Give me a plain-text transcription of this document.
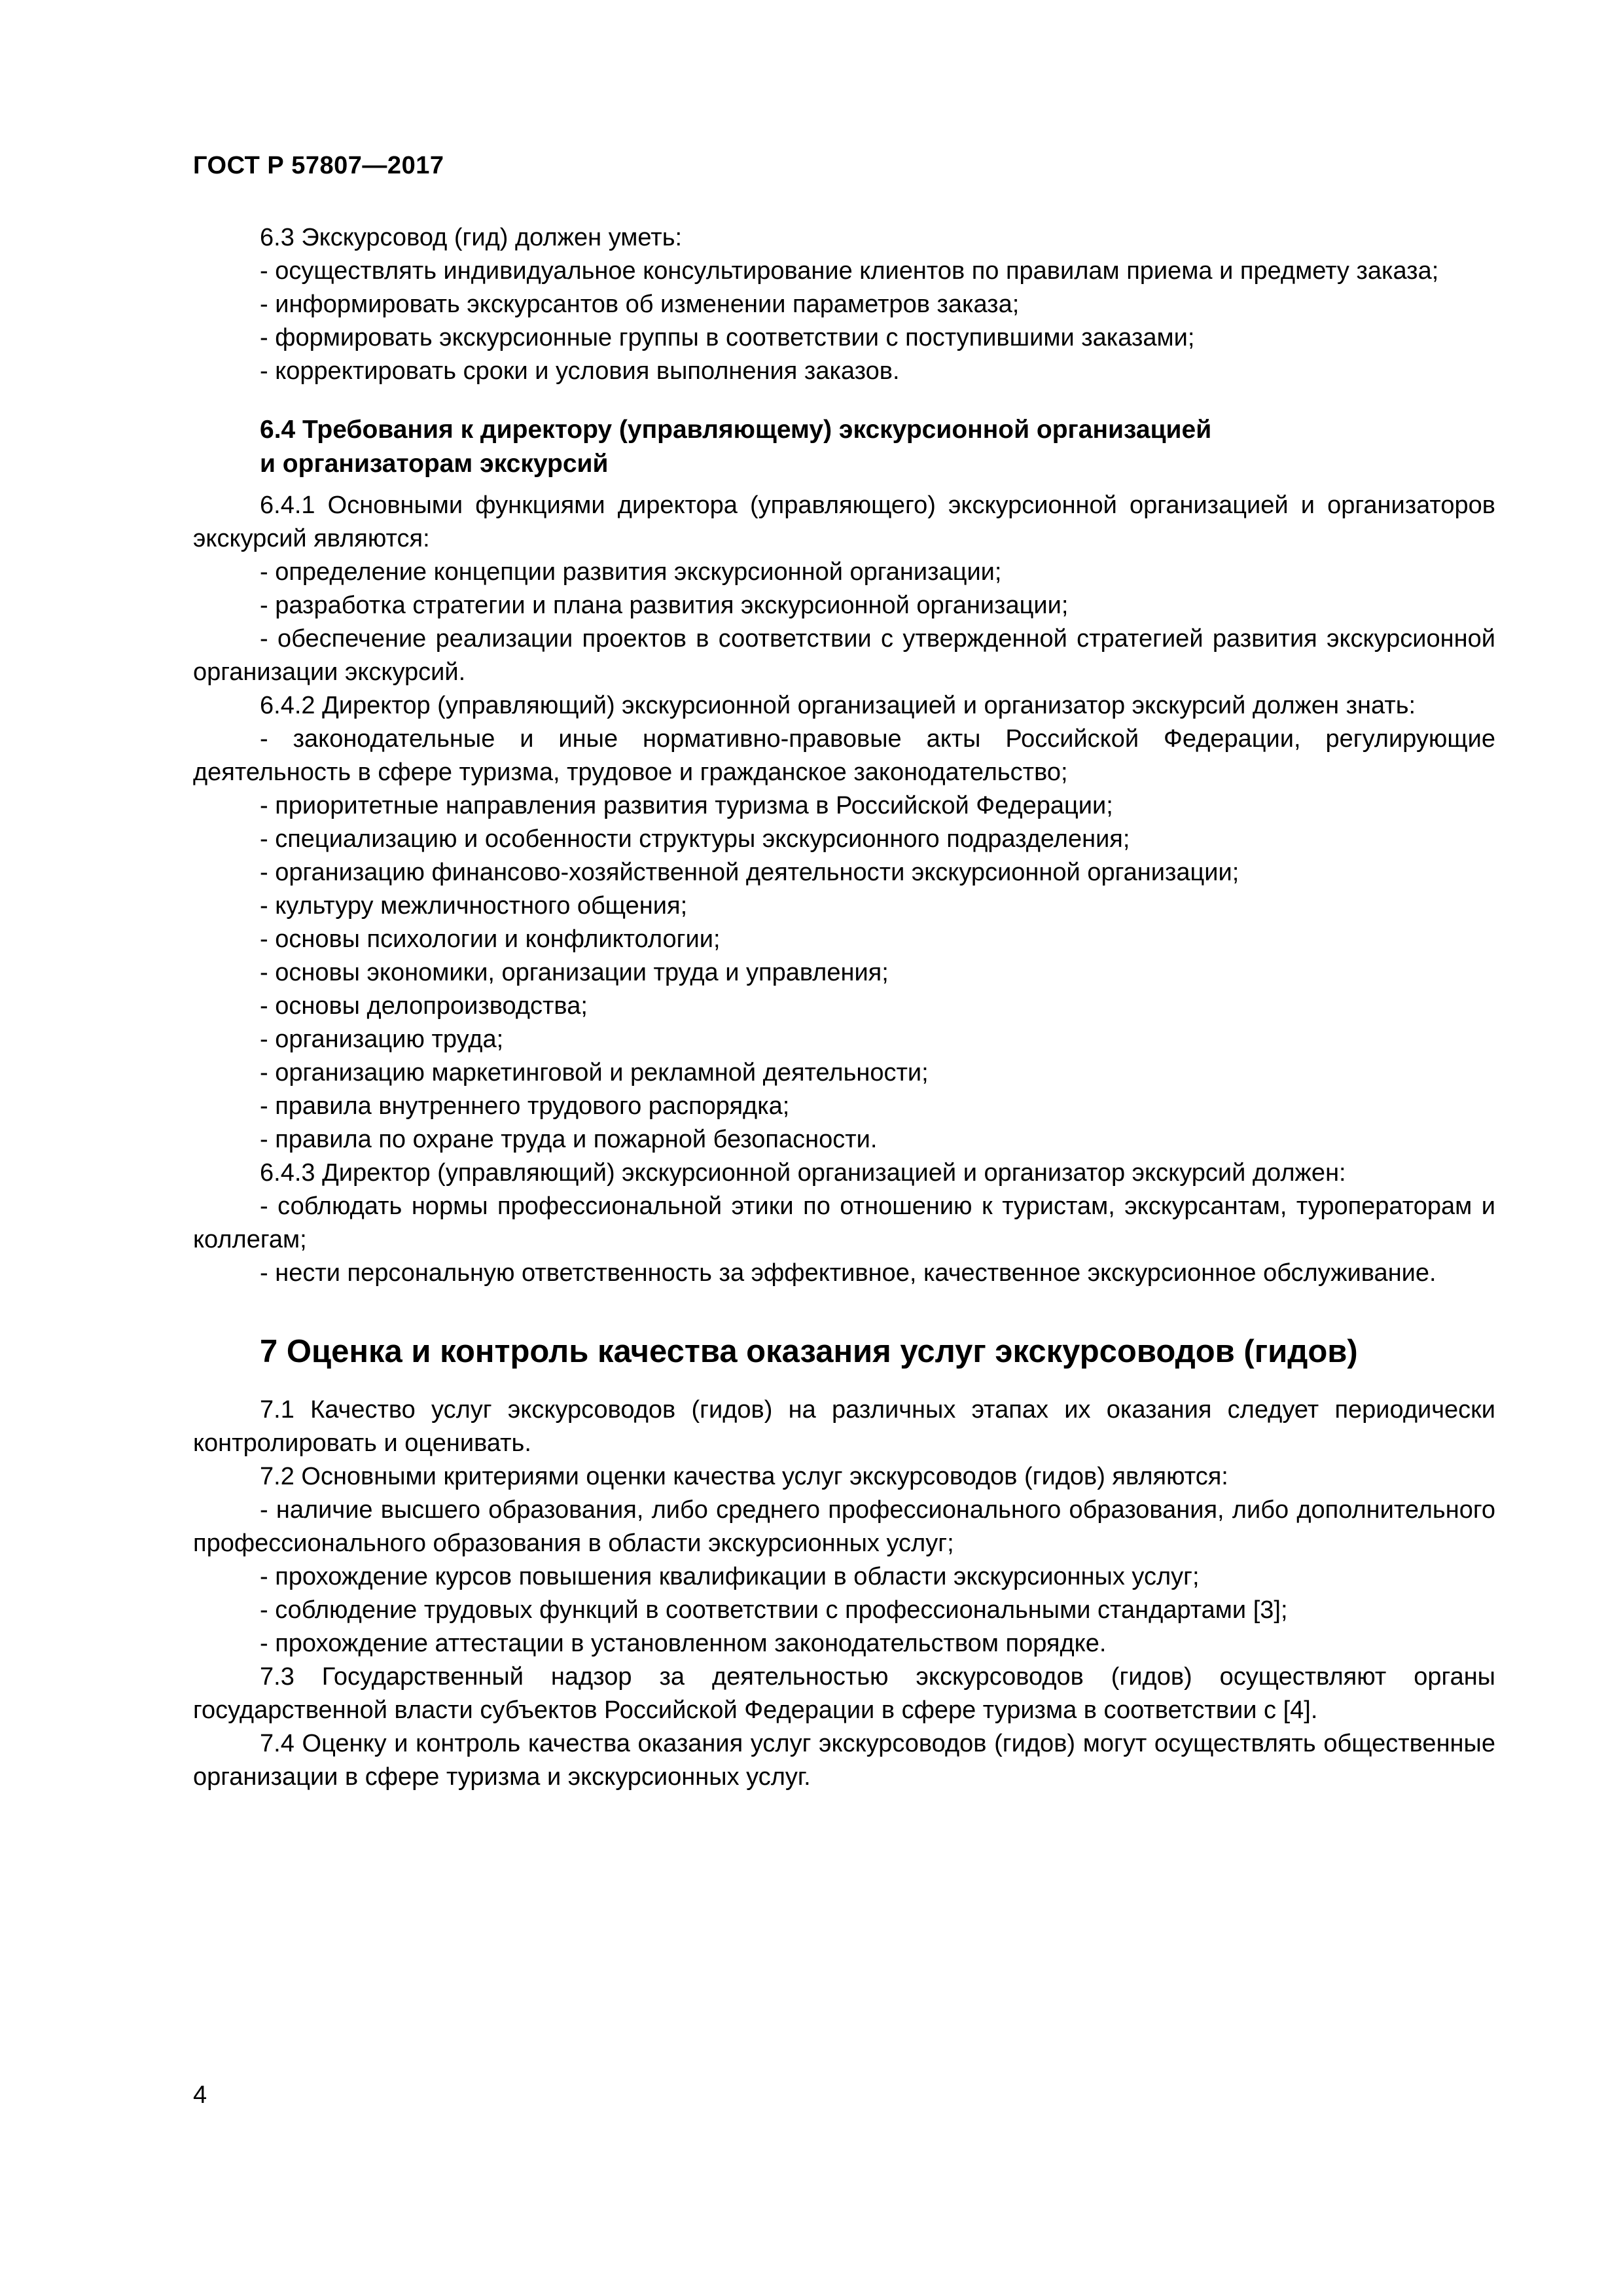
ГОСТ Р 57807—2017

6.3 Экскурсовод (гид) должен уметь:

- осуществлять индивидуальное консультирование клиентов по правилам приема и предмету заказа;

- информировать экскурсантов об изменении параметров заказа;

- формировать экскурсионные группы в соответствии с поступившими заказами;

- корректировать сроки и условия выполнения заказов.

6.4 Требования к директору (управляющему) экскурсионной организацией
и организаторам экскурсий

6.4.1 Основными функциями директора (управляющего) экскурсионной организацией и организаторов экскурсий являются:

- определение концепции развития экскурсионной организации;

- разработка стратегии и плана развития экскурсионной организации;

- обеспечение реализации проектов в соответствии с утвержденной стратегией развития экскурсионной организации экскурсий.

6.4.2 Директор (управляющий) экскурсионной организацией и организатор экскурсий должен знать:

- законодательные и иные нормативно-правовые акты Российской Федерации, регулирующие деятельность в сфере туризма, трудовое и гражданское законодательство;

- приоритетные направления развития туризма в Российской Федерации;

- специализацию и особенности структуры экскурсионного подразделения;

- организацию финансово-хозяйственной деятельности экскурсионной организации;

- культуру межличностного общения;

- основы психологии и конфликтологии;

- основы экономики, организации труда и управления;

- основы делопроизводства;

- организацию труда;

- организацию маркетинговой и рекламной деятельности;

- правила внутреннего трудового распорядка;

- правила по охране труда и пожарной безопасности.

6.4.3 Директор (управляющий) экскурсионной организацией и организатор экскурсий должен:

- соблюдать нормы профессиональной этики по отношению к туристам, экскурсантам, туроператорам и коллегам;

- нести персональную ответственность за эффективное, качественное экскурсионное обслуживание.

7 Оценка и контроль качества оказания услуг экскурсоводов (гидов)

7.1 Качество услуг экскурсоводов (гидов) на различных этапах их оказания следует периодически контролировать и оценивать.

7.2 Основными критериями оценки качества услуг экскурсоводов (гидов) являются:

- наличие высшего образования, либо среднего профессионального образования, либо дополнительного профессионального образования в области экскурсионных услуг;

- прохождение курсов повышения квалификации в области экскурсионных услуг;

- соблюдение трудовых функций в соответствии с профессиональными стандартами [3];

- прохождение аттестации в установленном законодательством порядке.

7.3 Государственный надзор за деятельностью экскурсоводов (гидов) осуществляют органы государственной власти субъектов Российской Федерации в сфере туризма в соответствии с [4].

7.4 Оценку и контроль качества оказания услуг экскурсоводов (гидов) могут осуществлять общественные организации в сфере туризма и экскурсионных услуг.

4
